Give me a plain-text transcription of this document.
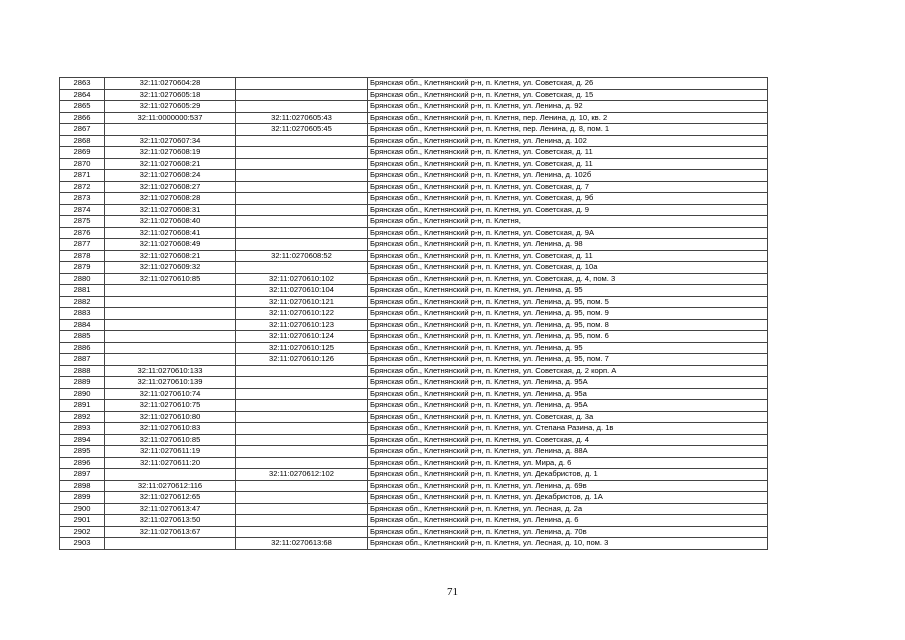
2863	32:11:0270604:28		Брянская обл., Клетнянский р-н, п. Клетня, ул. Советская, д. 26
2864	32:11:0270605:18		Брянская обл., Клетнянский р-н, п. Клетня, ул. Советская, д. 15
2865	32:11:0270605:29		Брянская обл., Клетнянский р-н, п. Клетня, ул. Ленина, д. 92
2866	32:11:0000000:537	32:11:0270605:43	Брянская обл., Клетнянский р-н, п. Клетня, пер. Ленина, д. 10, кв. 2
2867		32:11:0270605:45	Брянская обл., Клетнянский р-н, п. Клетня, пер. Ленина, д. 8, пом. 1
2868	32:11:0270607:34		Брянская обл., Клетнянский р-н, п. Клетня, ул. Ленина, д. 102
2869	32:11:0270608:19		Брянская обл., Клетнянский р-н, п. Клетня, ул. Советская, д. 11
2870	32:11:0270608:21		Брянская обл., Клетнянский р-н, п. Клетня, ул. Советская, д. 11
2871	32:11:0270608:24		Брянская обл., Клетнянский р-н, п. Клетня, ул. Ленина, д. 102б
2872	32:11:0270608:27		Брянская обл., Клетнянский р-н, п. Клетня, ул. Советская, д. 7
2873	32:11:0270608:28		Брянская обл., Клетнянский р-н, п. Клетня, ул. Советская, д. 9б
2874	32:11:0270608:31		Брянская обл., Клетнянский р-н, п. Клетня, ул. Советская, д. 9
2875	32:11:0270608:40		Брянская обл., Клетнянский р-н, п. Клетня,
2876	32:11:0270608:41		Брянская обл., Клетнянский р-н, п. Клетня, ул. Советская, д. 9А
2877	32:11:0270608:49		Брянская обл., Клетнянский р-н, п. Клетня, ул. Ленина, д. 98
2878	32:11:0270608:21	32:11:0270608:52	Брянская обл., Клетнянский р-н, п. Клетня, ул. Советская, д. 11
2879	32:11:0270609:32		Брянская обл., Клетнянский р-н, п. Клетня, ул. Советская, д. 10а
2880	32:11:0270610:85	32:11:0270610:102	Брянская обл., Клетнянский р-н, п. Клетня, ул. Советская, д. 4, пом. 3
2881		32:11:0270610:104	Брянская обл., Клетнянский р-н, п. Клетня, ул. Ленина, д. 95
2882		32:11:0270610:121	Брянская обл., Клетнянский р-н, п. Клетня, ул. Ленина, д. 95, пом. 5
2883		32:11:0270610:122	Брянская обл., Клетнянский р-н, п. Клетня, ул. Ленина, д. 95, пом. 9
2884		32:11:0270610:123	Брянская обл., Клетнянский р-н, п. Клетня, ул. Ленина, д. 95, пом. 8
2885		32:11:0270610:124	Брянская обл., Клетнянский р-н, п. Клетня, ул. Ленина, д. 95, пом. 6
2886		32:11:0270610:125	Брянская обл., Клетнянский р-н, п. Клетня, ул. Ленина, д. 95
2887		32:11:0270610:126	Брянская обл., Клетнянский р-н, п. Клетня, ул. Ленина, д. 95, пом. 7
2888	32:11:0270610:133		Брянская обл., Клетнянский р-н, п. Клетня, ул. Советская, д. 2 корп. А
2889	32:11:0270610:139		Брянская обл., Клетнянский р-н, п. Клетня, ул. Ленина, д. 95А
2890	32:11:0270610:74		Брянская обл., Клетнянский р-н, п. Клетня, ул. Ленина, д. 95а
2891	32:11:0270610:75		Брянская обл., Клетнянский р-н, п. Клетня, ул. Ленина, д. 95А
2892	32:11:0270610:80		Брянская обл., Клетнянский р-н, п. Клетня, ул. Советская, д. 3а
2893	32:11:0270610:83		Брянская обл., Клетнянский р-н, п. Клетня, ул. Степана Разина, д. 1в
2894	32:11:0270610:85		Брянская обл., Клетнянский р-н, п. Клетня, ул. Советская, д. 4
2895	32:11:0270611:19		Брянская обл., Клетнянский р-н, п. Клетня, ул. Ленина, д. 88А
2896	32:11:0270611:20		Брянская обл., Клетнянский р-н, п. Клетня, ул. Мира, д. 6
2897		32:11:0270612:102	Брянская обл., Клетнянский р-н, п. Клетня, ул. Декабристов, д. 1
2898	32:11:0270612:116		Брянская обл., Клетнянский р-н, п. Клетня, ул. Ленина, д. 69в
2899	32:11:0270612:65		Брянская обл., Клетнянский р-н, п. Клетня, ул. Декабристов, д. 1А
2900	32:11:0270613:47		Брянская обл., Клетнянский р-н, п. Клетня, ул. Лесная, д. 2а
2901	32:11:0270613:50		Брянская обл., Клетнянский р-н, п. Клетня, ул. Ленина, д. 6
2902	32:11:0270613:67		Брянская обл., Клетнянский р-н, п. Клетня, ул. Ленина, д. 70в
2903		32:11:0270613:68	Брянская обл., Клетнянский р-н, п. Клетня, ул. Лесная, д. 10, пом. 3
71
